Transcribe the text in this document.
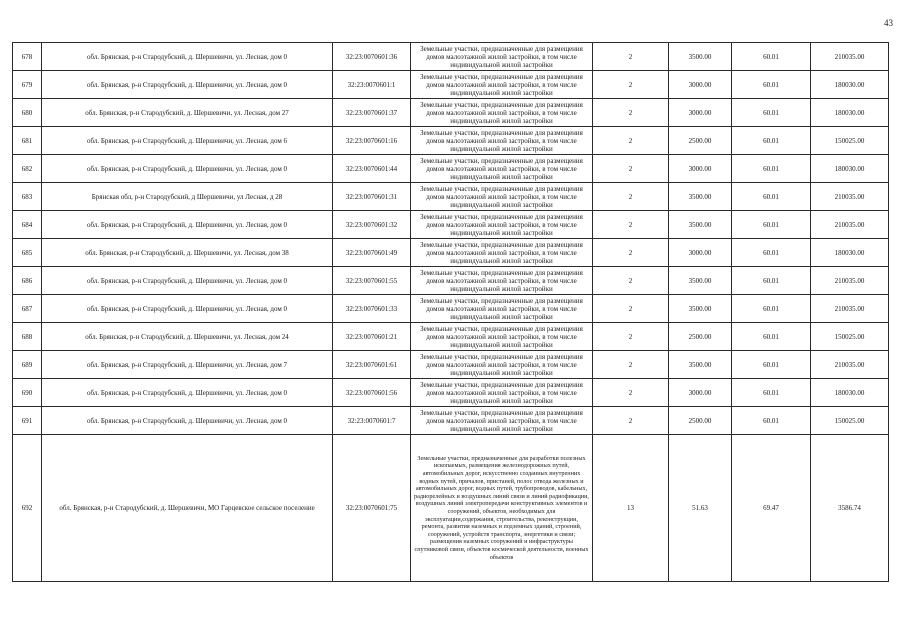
43
678	обл. Брянская, р-н Стародубский, д. Шершевичи, ул. Лесная, дом 0	32:23:0070601:36	Земельные участки, предназначенные для размещения домов малоэтажной жилой застройки, в том числе индивидуальной жилой застройки	2	3500.00	60.01	210035.00
679	обл. Брянская, р-н Стародубский, д. Шершевичи, ул. Лесная, дом 0	32:23:0070601:1	Земельные участки, предназначенные для размещения домов малоэтажной жилой застройки, в том числе индивидуальной жилой застройки	2	3000.00	60.01	180030.00
680	обл. Брянская, р-н Стародубский, д. Шершевичи, ул. Лесная, дом 27	32:23:0070601:37	Земельные участки, предназначенные для размещения домов малоэтажной жилой застройки, в том числе индивидуальной жилой застройки	2	3000.00	60.01	180030.00
681	обл. Брянская, р-н Стародубский, д. Шершевичи, ул. Лесная, дом 6	32:23:0070601:16	Земельные участки, предназначенные для размещения домов малоэтажной жилой застройки, в том числе индивидуальной жилой застройки	2	2500.00	60.01	150025.00
682	обл. Брянская, р-н Стародубский, д. Шершевичи, ул. Лесная, дом 0	32:23:0070601:44	Земельные участки, предназначенные для размещения домов малоэтажной жилой застройки, в том числе индивидуальной жилой застройки	2	3000.00	60.01	180030.00
683	Брянская обл, р-н Стародубский, д Шершевичи, ул Лесная, д 28	32:23:0070601:31	Земельные участки, предназначенные для размещения домов малоэтажной жилой застройки, в том числе индивидуальной жилой застройки	2	3500.00	60.01	210035.00
684	обл. Брянская, р-н Стародубский, д. Шершевичи, ул. Лесная, дом 0	32:23:0070601:32	Земельные участки, предназначенные для размещения домов малоэтажной жилой застройки, в том числе индивидуальной жилой застройки	2	3500.00	60.01	210035.00
685	обл. Брянская, р-н Стародубский, д. Шершевичи, ул. Лесная, дом 38	32:23:0070601:49	Земельные участки, предназначенные для размещения домов малоэтажной жилой застройки, в том числе индивидуальной жилой застройки	2	3000.00	60.01	180030.00
686	обл. Брянская, р-н Стародубский, д. Шершевичи, ул. Лесная, дом 0	32:23:0070601:55	Земельные участки, предназначенные для размещения домов малоэтажной жилой застройки, в том числе индивидуальной жилой застройки	2	3500.00	60.01	210035.00
687	обл. Брянская, р-н Стародубский, д. Шершевичи, ул. Лесная, дом 0	32:23:0070601:33	Земельные участки, предназначенные для размещения домов малоэтажной жилой застройки, в том числе индивидуальной жилой застройки	2	3500.00	60.01	210035.00
688	обл. Брянская, р-н Стародубский, д. Шершевичи, ул. Лесная, дом 24	32:23:0070601:21	Земельные участки, предназначенные для размещения домов малоэтажной жилой застройки, в том числе индивидуальной жилой застройки	2	2500.00	60.01	150025.00
689	обл. Брянская, р-н Стародубский, д. Шершевичи, ул. Лесная, дом 7	32:23:0070601:61	Земельные участки, предназначенные для размещения домов малоэтажной жилой застройки, в том числе индивидуальной жилой застройки	2	3500.00	60.01	210035.00
690	обл. Брянская, р-н Стародубский, д. Шершевичи, ул. Лесная, дом 0	32:23:0070601:56	Земельные участки, предназначенные для размещения домов малоэтажной жилой застройки, в том числе индивидуальной жилой застройки	2	3000.00	60.01	180030.00
691	обл. Брянская, р-н Стародубский, д. Шершевичи, ул. Лесная, дом 0	32:23:0070601:7	Земельные участки, предназначенные для размещения домов малоэтажной жилой застройки, в том числе индивидуальной жилой застройки	2	2500.00	60.01	150025.00
692	обл. Брянская, р-н Стародубский, д. Шершевичи, МО Гарцевское сельское поселение	32:23:0070601:75	Земельные участки, предназначенные для разработки полезных ископаемых, размещения железнодорожных путей, автомобильных дорог, искусственно созданных внутренних водных путей, причалов, пристаней, полос отвода железных и автомобильных дорог, водных путей, трубопроводов, кабельных, радиорелейных и воздушных линий связи и линий радиофикации, воздушных линий электропередачи конструктивных элементов и сооружений, объектов, необходимых для эксплуатации,содержания, строительства, реконструкции, ремонта, развития наземных и подземных зданий, строений, сооружений, устройств транспорта, энергетики и связи; размещения наземных сооружений и инфраструктуры спутниковой связи, объектов космической деятельности, военных объектов	13	51.63	69.47	3586.74
